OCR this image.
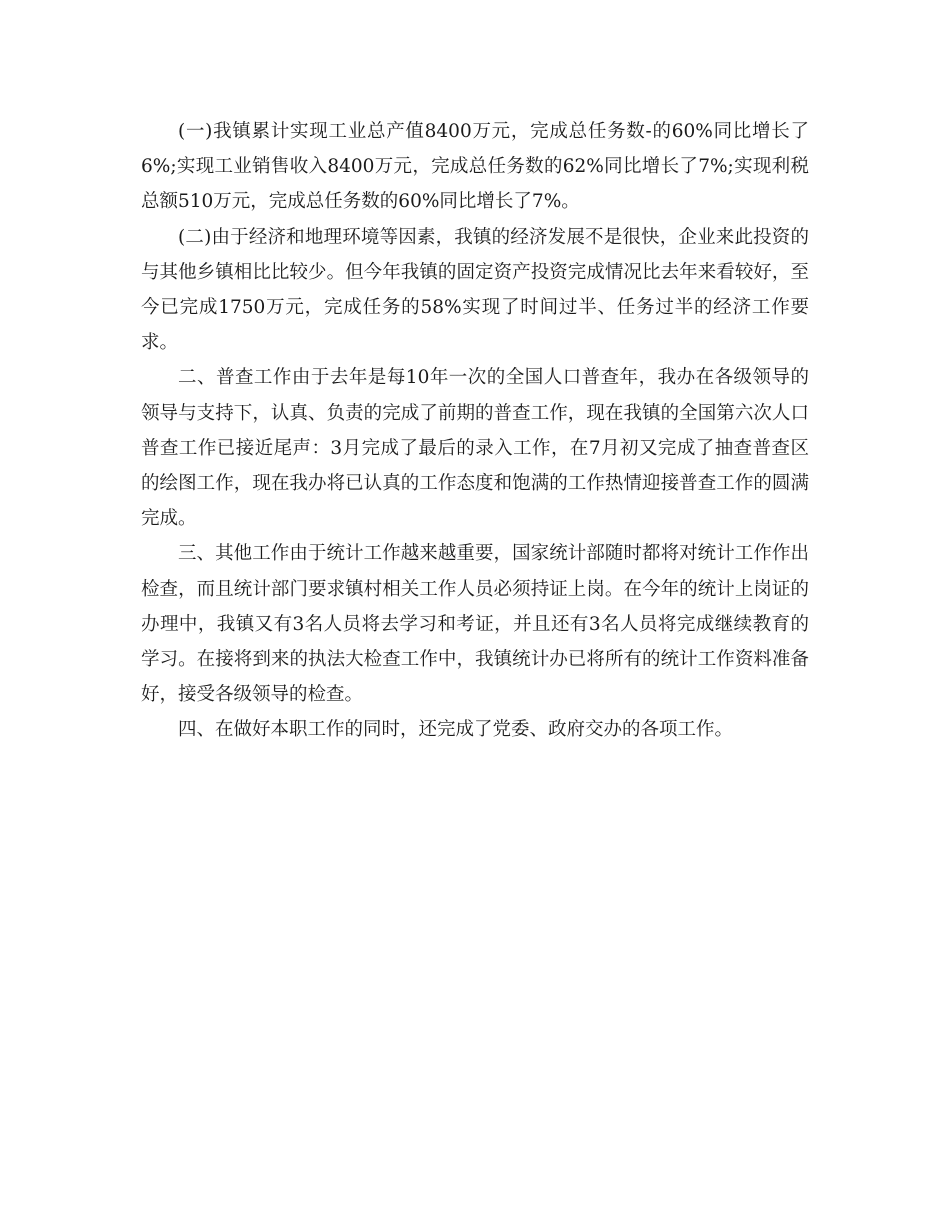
(一)我镇累计实现工业总产值8400万元，完成总任务数-的60%同比增长了6%;实现工业销售收入8400万元，完成总任务数的62%同比增长了7%;实现利税总额510万元，完成总任务数的60%同比增长了7%。

(二)由于经济和地理环境等因素，我镇的经济发展不是很快，企业来此投资的与其他乡镇相比比较少。但今年我镇的固定资产投资完成情况比去年来看较好，至今已完成1750万元，完成任务的58%实现了时间过半、任务过半的经济工作要求。

二、普查工作由于去年是每10年一次的全国人口普查年，我办在各级领导的领导与支持下，认真、负责的完成了前期的普查工作，现在我镇的全国第六次人口普查工作已接近尾声：3月完成了最后的录入工作，在7月初又完成了抽查普查区的绘图工作，现在我办将已认真的工作态度和饱满的工作热情迎接普查工作的圆满完成。

三、其他工作由于统计工作越来越重要，国家统计部随时都将对统计工作作出检查，而且统计部门要求镇村相关工作人员必须持证上岗。在今年的统计上岗证的办理中，我镇又有3名人员将去学习和考证，并且还有3名人员将完成继续教育的学习。在接将到来的执法大检查工作中，我镇统计办已将所有的统计工作资料准备好，接受各级领导的检查。

四、在做好本职工作的同时，还完成了党委、政府交办的各项工作。
